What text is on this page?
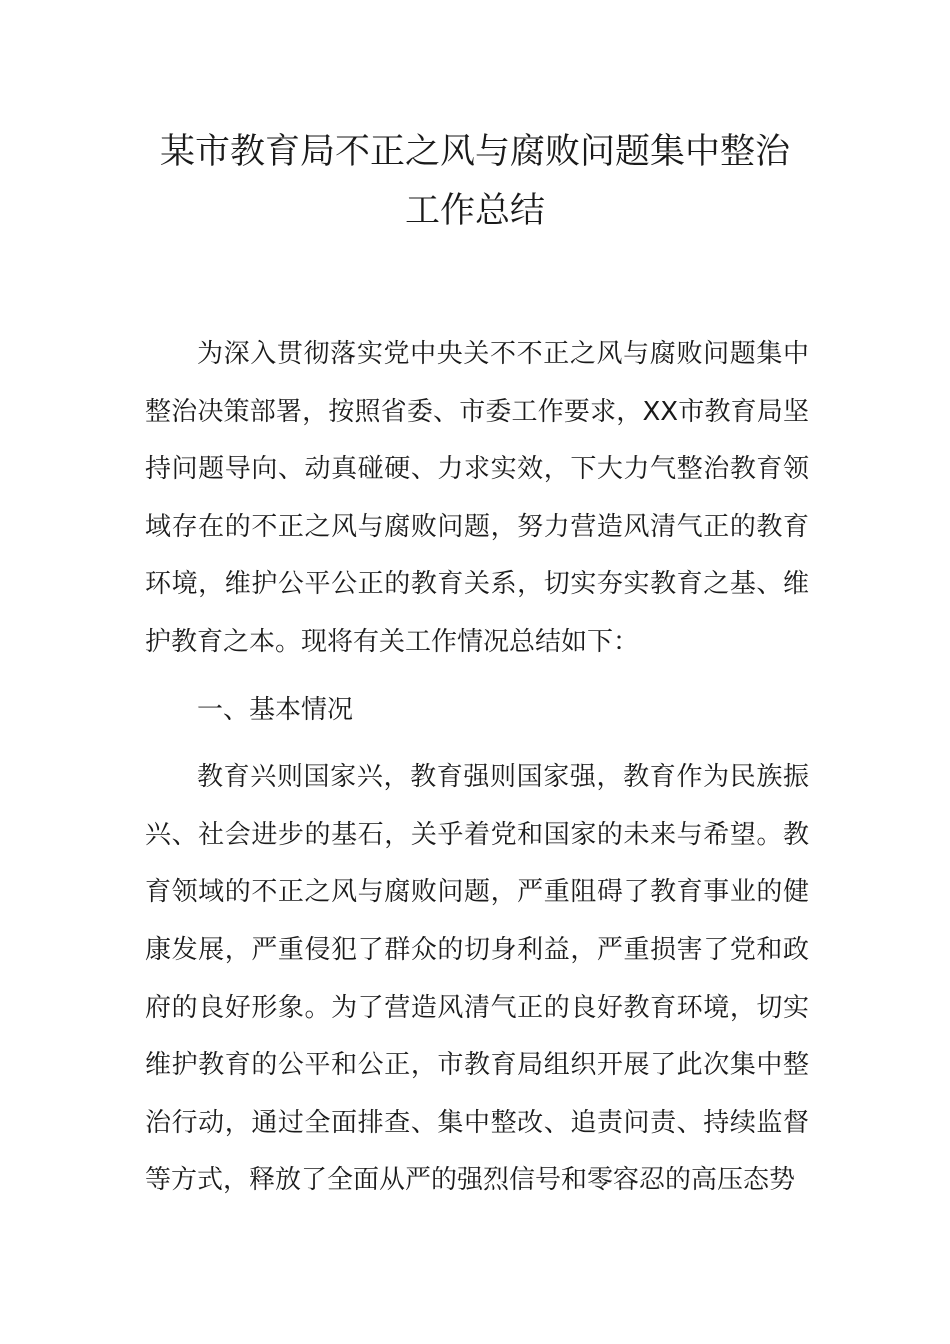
某市教育局不正之风与腐败问题集中整治
工作总结

为深入贯彻落实党中央关不不正之风与腐败问题集中整治决策部署，按照省委、市委工作要求，XX市教育局坚持问题导向、动真碰硬、力求实效，下大力气整治教育领域存在的不正之风与腐败问题，努力营造风清气正的教育环境，维护公平公正的教育关系，切实夯实教育之基、维护教育之本。现将有关工作情况总结如下：

一、基本情况

教育兴则国家兴，教育强则国家强，教育作为民族振兴、社会进步的基石，关乎着党和国家的未来与希望。教育领域的不正之风与腐败问题，严重阻碍了教育事业的健康发展，严重侵犯了群众的切身利益，严重损害了党和政府的良好形象。为了营造风清气正的良好教育环境，切实维护教育的公平和公正，市教育局组织开展了此次集中整治行动，通过全面排查、集中整改、追责问责、持续监督等方式，释放了全面从严的强烈信号和零容忍的高压态势
